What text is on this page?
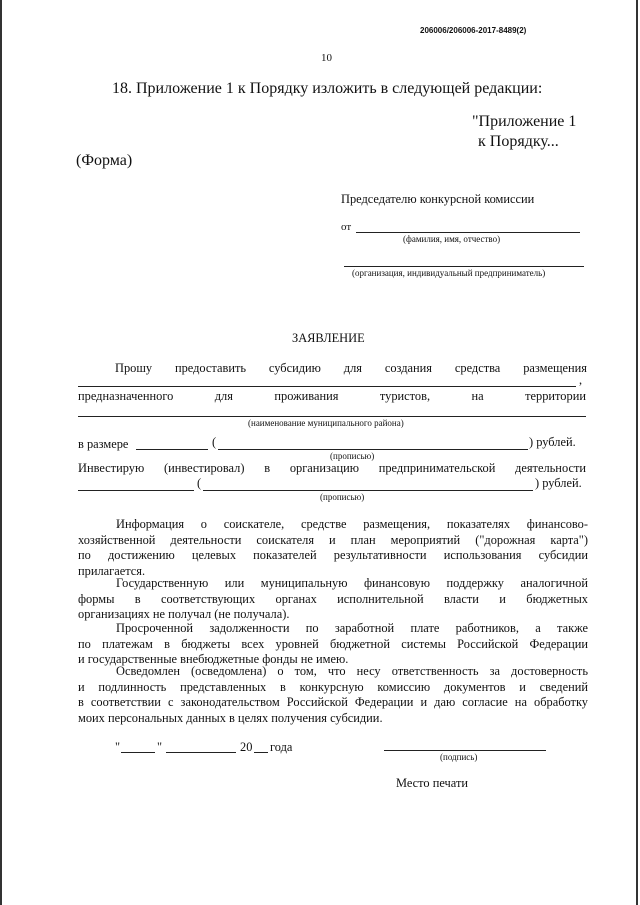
206006/206006-2017-8489(2)
10
18. Приложение 1 к Порядку изложить в следующей редакции:
"Приложение 1
к Порядку...
(Форма)
Председателю конкурсной комиссии
от
(фамилия, имя, отчество)
(организация, индивидуальный предприниматель)
ЗАЯВЛЕНИЕ
Прошу предоставить субсидию для создания средства размещения
,
предназначенного	для	проживания	туристов,	на	территории
(наименование муниципального района)
в размере	(	) рублей.
(прописью)
Инвестирую (инвестировал) в организацию предпринимательской деятельности
(	) рублей.
(прописью)

Информация о соискателе, средстве размещения, показателях финансово-

хозяйственной деятельности соискателя и план мероприятий ("дорожная карта")

по достижению целевых показателей результативности использования субсидии

прилагается.

Государственную или муниципальную финансовую поддержку аналогичной

формы в соответствующих органах исполнительной власти и бюджетных

организациях не получал (не получала).

Просроченной задолженности по заработной плате работников, а также

по платежам в бюджеты всех уровней бюджетной системы Российской Федерации

и государственные внебюджетные фонды не имею.

Осведомлен (осведомлена) о том, что несу ответственность за достоверность

и подлинность представленных в конкурсную комиссию документов и сведений

в соответствии с законодательством Российской Федерации и даю согласие на обработку

моих персональных данных в целях получения субсидии.

"	"	20 года
(подпись)
Место печати
